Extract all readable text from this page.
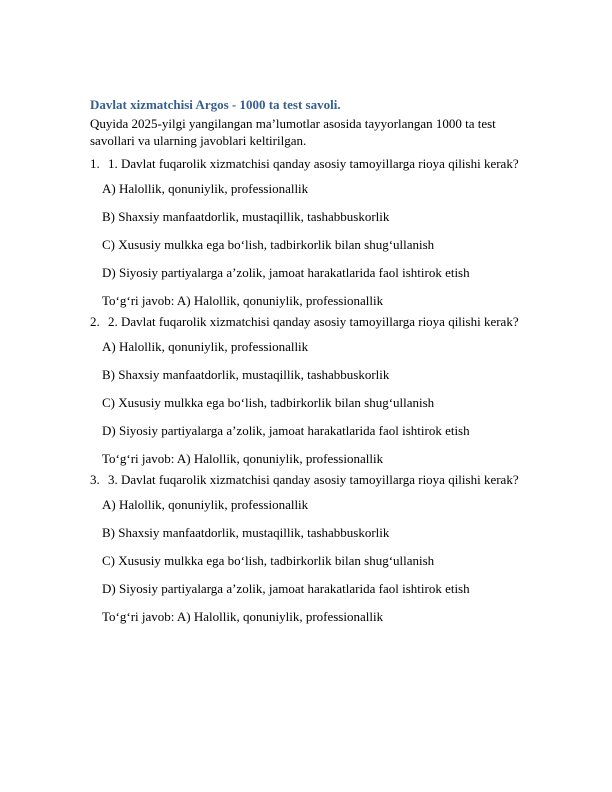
Davlat xizmatchisi Argos - 1000 ta test savoli.

Quyida 2025-yilgi yangilangan ma’lumotlar asosida tayyorlangan 1000 ta test savollari va ularning javoblari keltirilgan.

1. 1. Davlat fuqarolik xizmatchisi qanday asosiy tamoyillarga rioya qilishi kerak?
A) Halollik, qonuniylik, professionallik
B) Shaxsiy manfaatdorlik, mustaqillik, tashabbuskorlik
C) Xususiy mulkka ega bo‘lish, tadbirkorlik bilan shug‘ullanish
D) Siyosiy partiyalarga a’zolik, jamoat harakatlarida faol ishtirok etish
To‘g‘ri javob: A) Halollik, qonuniylik, professionallik
2. 2. Davlat fuqarolik xizmatchisi qanday asosiy tamoyillarga rioya qilishi kerak?
A) Halollik, qonuniylik, professionallik
B) Shaxsiy manfaatdorlik, mustaqillik, tashabbuskorlik
C) Xususiy mulkka ega bo‘lish, tadbirkorlik bilan shug‘ullanish
D) Siyosiy partiyalarga a’zolik, jamoat harakatlarida faol ishtirok etish
To‘g‘ri javob: A) Halollik, qonuniylik, professionallik
3. 3. Davlat fuqarolik xizmatchisi qanday asosiy tamoyillarga rioya qilishi kerak?
A) Halollik, qonuniylik, professionallik
B) Shaxsiy manfaatdorlik, mustaqillik, tashabbuskorlik
C) Xususiy mulkka ega bo‘lish, tadbirkorlik bilan shug‘ullanish
D) Siyosiy partiyalarga a’zolik, jamoat harakatlarida faol ishtirok etish
To‘g‘ri javob: A) Halollik, qonuniylik, professionallik
